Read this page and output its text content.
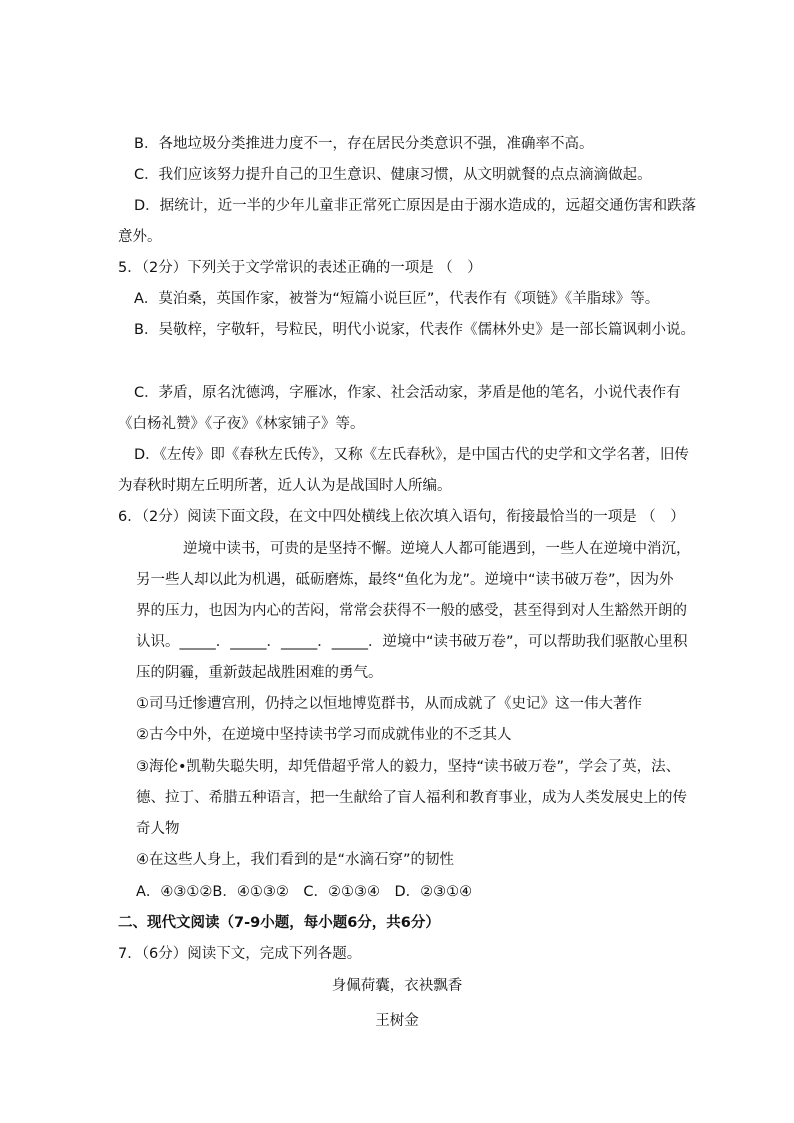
B．各地垃圾分类推进力度不一，存在居民分类意识不强，准确率不高。
C．我们应该努力提升自己的卫生意识、健康习惯，从文明就餐的点点滴滴做起。
D．据统计，近一半的少年儿童非正常死亡原因是由于溺水造成的，远超交通伤害和跌落
意外。
5．（2分）下列关于文学常识的表述正确的一项是 （　）
A．莫泊桑，英国作家，被誉为“短篇小说巨匠”，代表作有《项链》《羊脂球》等。
B．吴敬梓，字敬轩，号粒民，明代小说家，代表作《儒林外史》是一部长篇讽刺小说。
C．茅盾，原名沈德鸿，字雁冰，作家、社会活动家，茅盾是他的笔名，小说代表作有
《白杨礼赞》《子夜》《林家铺子》等。
D．《左传》即《春秋左氏传》，又称《左氏春秋》，是中国古代的史学和文学名著，旧传
为春秋时期左丘明所著，近人认为是战国时人所编。
6．（2分）阅读下面文段，在文中四处横线上依次填入语句，衔接最恰当的一项是 （　）
逆境中读书，可贵的是坚持不懈。逆境人人都可能遇到，一些人在逆境中消沉，
另一些人却以此为机遇，砥砺磨炼，最终“鱼化为龙”。逆境中“读书破万卷”，因为外
界的压力，也因为内心的苦闷，常常会获得不一般的感受，甚至得到对人生豁然开朗的
认识。_____．_____．_____．_____．逆境中“读书破万卷”，可以帮助我们驱散心里积
压的阴霾，重新鼓起战胜困难的勇气。
①司马迁惨遭宫刑，仍持之以恒地博览群书，从而成就了《史记》这一伟大著作
②古今中外，在逆境中坚持读书学习而成就伟业的不乏其人
③海伦•凯勒失聪失明，却凭借超乎常人的毅力，坚持“读书破万卷”，学会了英，法、
德、拉丁、希腊五种语言，把一生献给了盲人福利和教育事业，成为人类发展史上的传
奇人物
④在这些人身上，我们看到的是“水滴石穿”的韧性
A．④③①②B．④①③②　C．②①③④　D．②③①④
二、现代文阅读（7-9小题，每小题6分，共6分）
7．（6分）阅读下文，完成下列各题。
身佩荷囊，衣袂飘香
王树金
